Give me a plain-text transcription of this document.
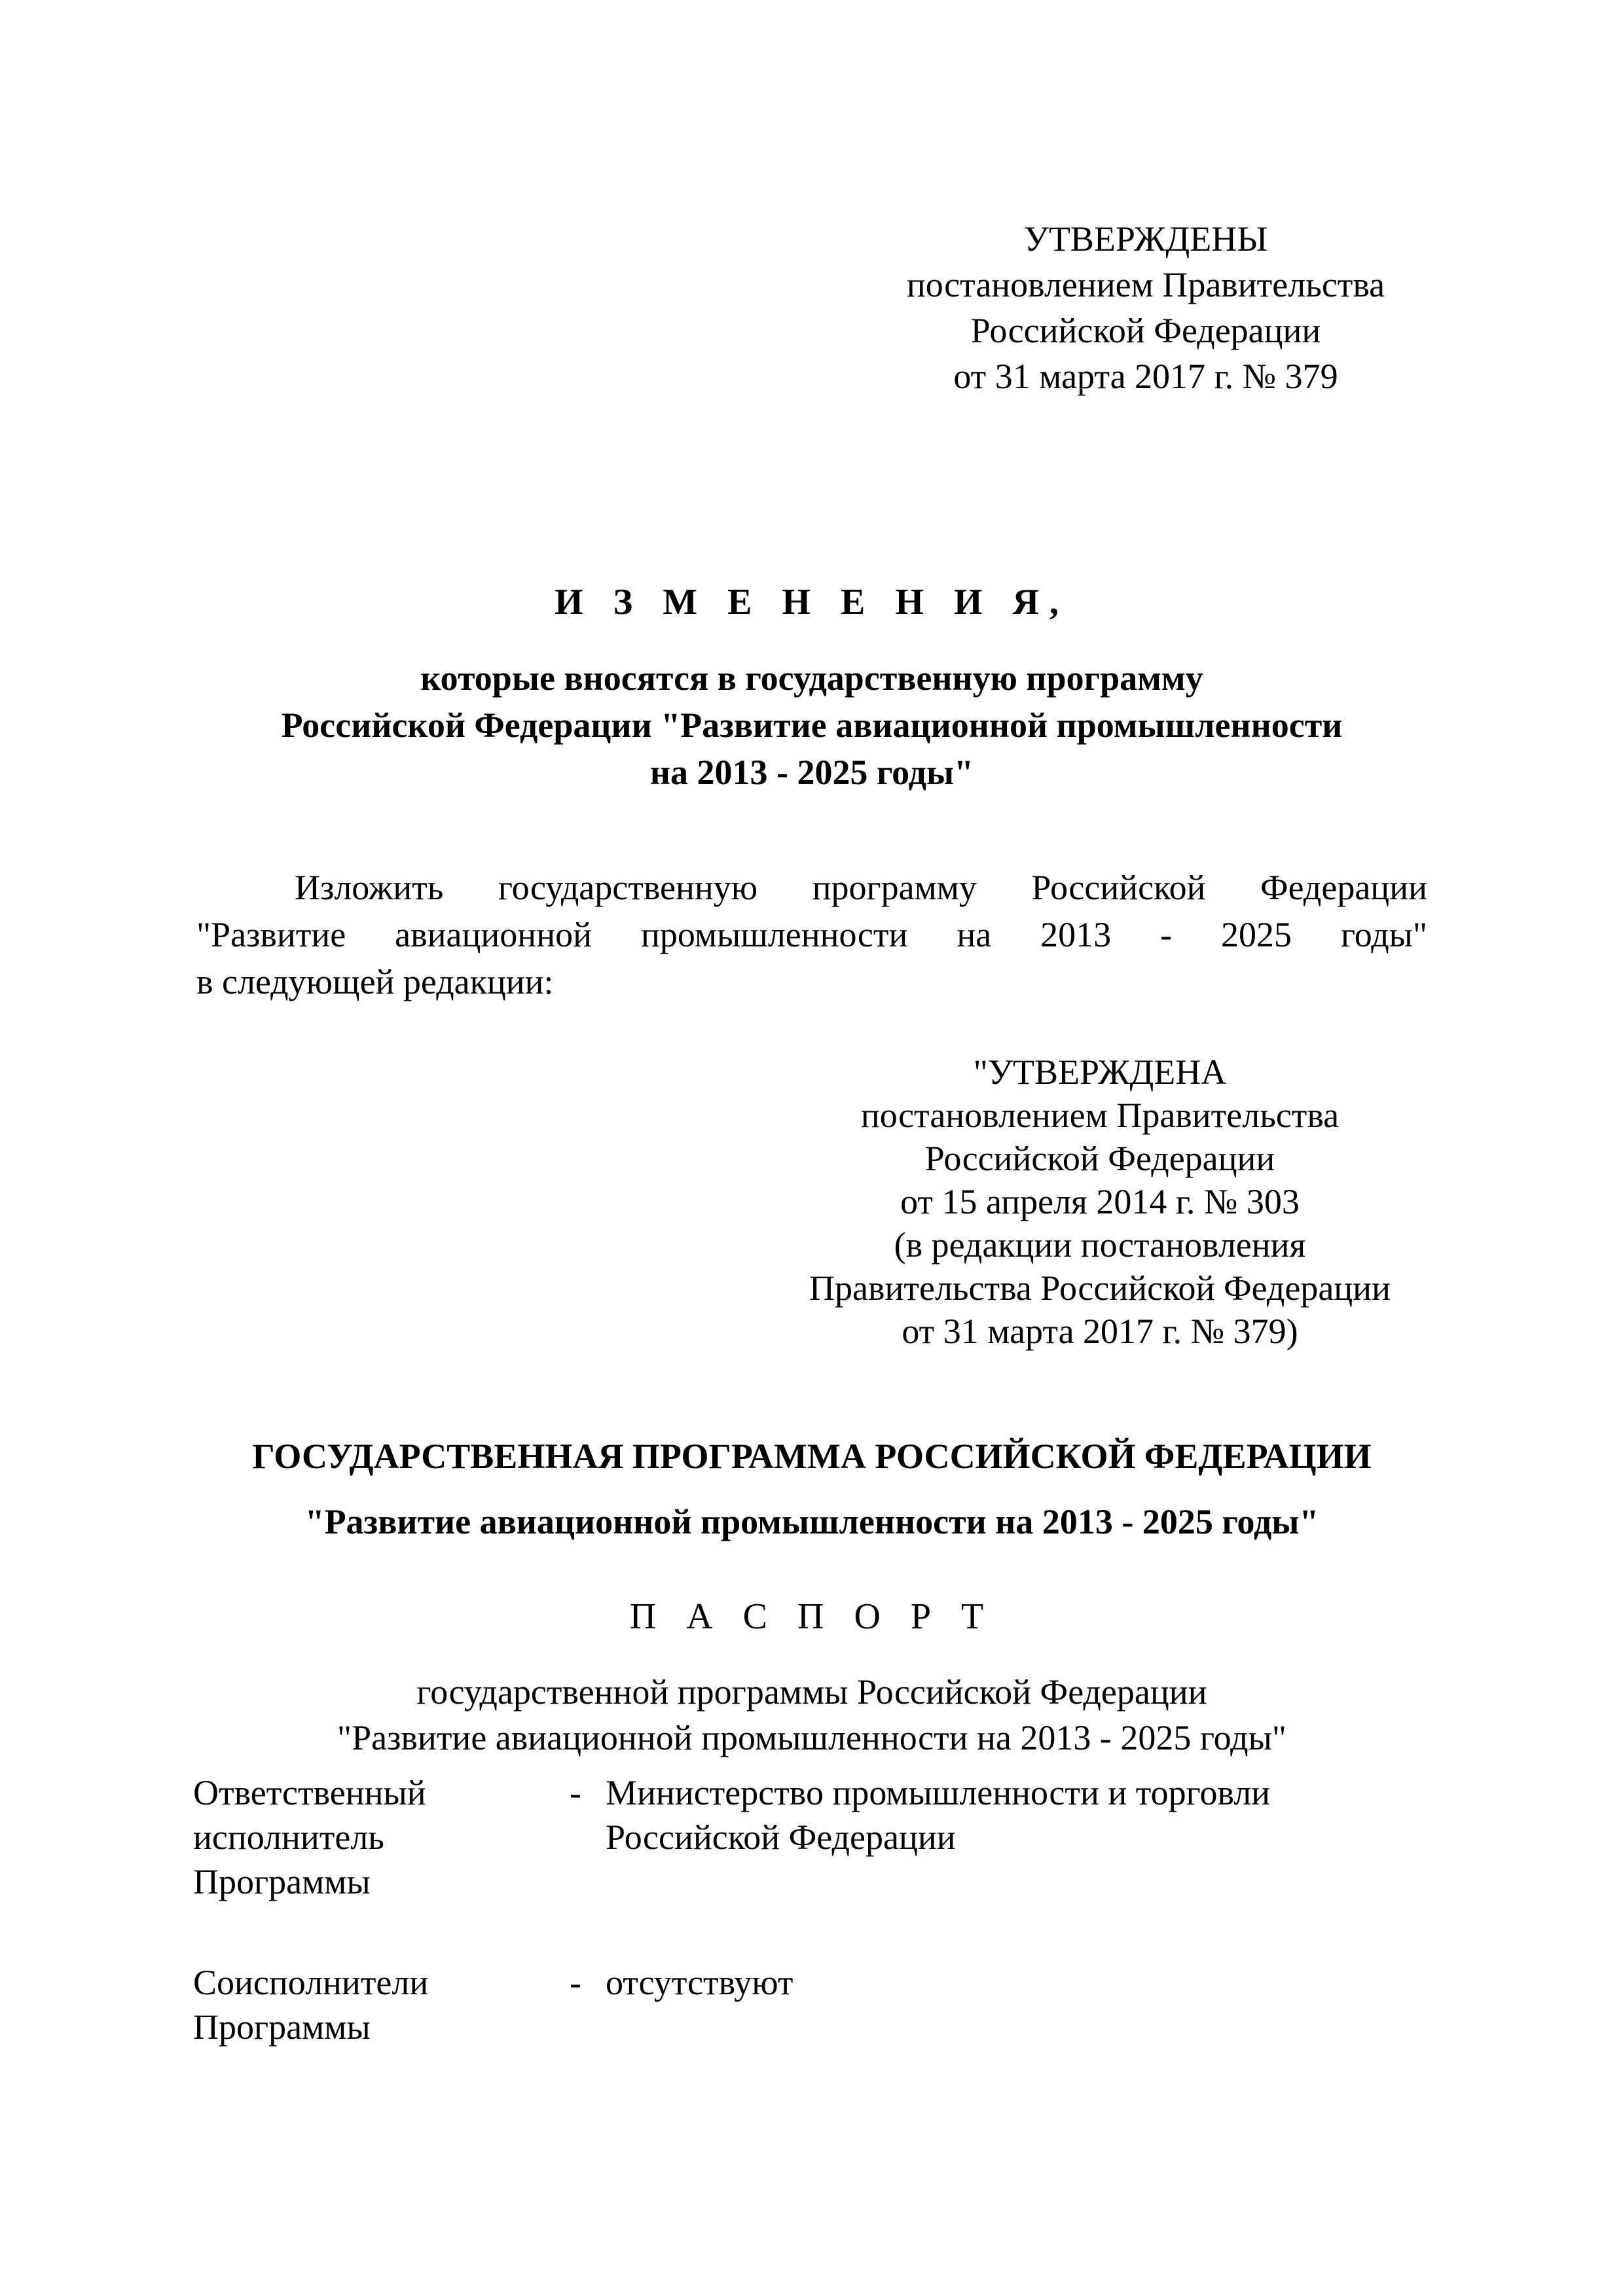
УТВЕРЖДЕНЫ
постановлением Правительства
Российской Федерации
от 31 марта 2017 г. № 379
И З М Е Н Е Н И Я,
которые вносятся в государственную программу
Российской Федерации "Развитие авиационной промышленности
на 2013 - 2025 годы"
Изложить государственную программу Российской Федерации
"Развитие авиационной промышленности на 2013 - 2025 годы"
в следующей редакции:
"УТВЕРЖДЕНА
постановлением Правительства
Российской Федерации
от 15 апреля 2014 г. № 303
(в редакции постановления
Правительства Российской Федерации
от 31 марта 2017 г. № 379)
ГОСУДАРСТВЕННАЯ ПРОГРАММА РОССИЙСКОЙ ФЕДЕРАЦИИ
"Развитие авиационной промышленности на 2013 - 2025 годы"
П А С П О Р Т
государственной программы Российской Федерации
"Развитие авиационной промышленности на 2013 - 2025 годы"
Ответственный
исполнитель
Программы
- Министерство промышленности и торговли
Российской Федерации
Соисполнители
Программы
- отсутствуют
